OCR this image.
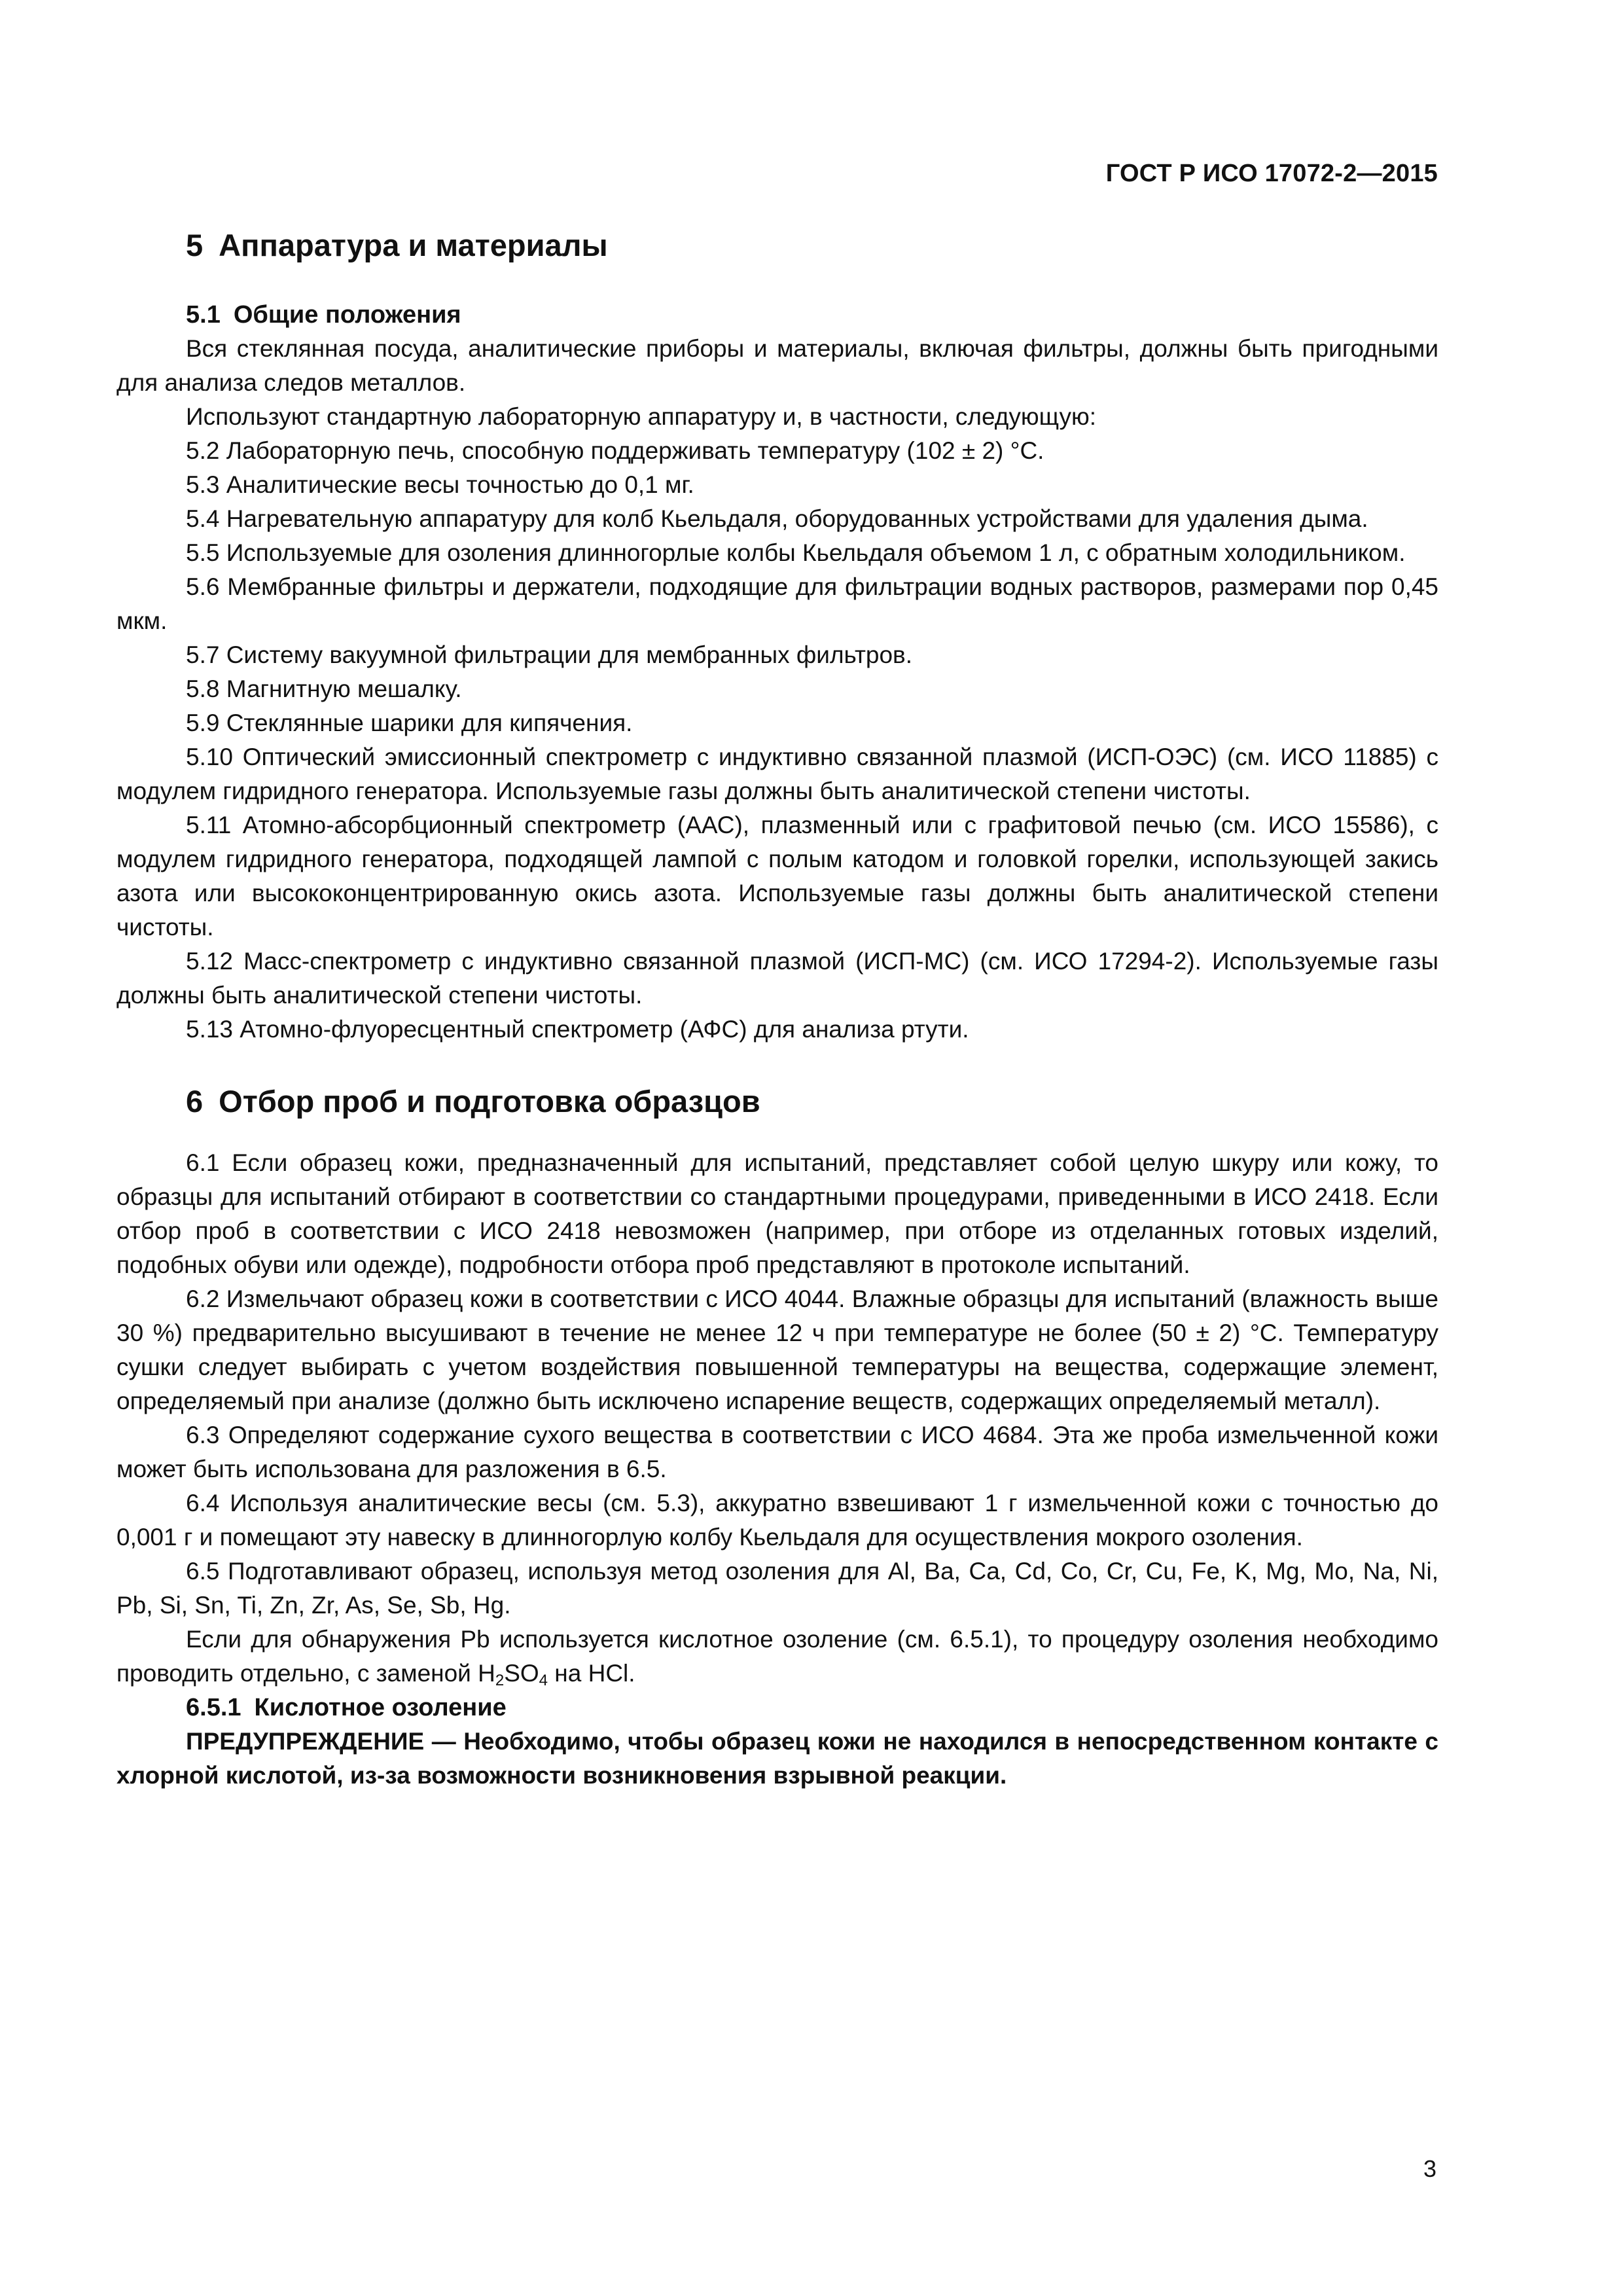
ГОСТ Р ИСО 17072-2—2015
5 Аппаратура и материалы
5.1 Общие положения

Вся стеклянная посуда, аналитические приборы и материалы, включая фильтры, должны быть пригодными для анализа следов металлов.

Используют стандартную лабораторную аппаратуру и, в частности, следующую:

5.2 Лабораторную печь, способную поддерживать температуру (102 ± 2) °С.

5.3 Аналитические весы точностью до 0,1 мг.

5.4 Нагревательную аппаратуру для колб Кьельдаля, оборудованных устройствами для удаления дыма.

5.5 Используемые для озоления длинногорлые колбы Кьельдаля объемом 1 л, с обратным холодильником.

5.6 Мембранные фильтры и держатели, подходящие для фильтрации водных растворов, размерами пор 0,45 мкм.

5.7 Систему вакуумной фильтрации для мембранных фильтров.

5.8 Магнитную мешалку.

5.9 Стеклянные шарики для кипячения.

5.10 Оптический эмиссионный спектрометр с индуктивно связанной плазмой (ИСП-ОЭС) (см. ИСО 11885) с модулем гидридного генератора. Используемые газы должны быть аналитической степени чистоты.

5.11 Атомно-абсорбционный спектрометр (ААС), плазменный или с графитовой печью (см. ИСО 15586), с модулем гидридного генератора, подходящей лампой с полым катодом и головкой горелки, использующей закись азота или высококонцентрированную окись азота. Используемые газы должны быть аналитической степени чистоты.

5.12 Масс-спектрометр с индуктивно связанной плазмой (ИСП-МС) (см. ИСО 17294-2). Используемые газы должны быть аналитической степени чистоты.

5.13 Атомно-флуоресцентный спектрометр (АФС) для анализа ртути.

6 Отбор проб и подготовка образцов

6.1 Если образец кожи, предназначенный для испытаний, представляет собой целую шкуру или кожу, то образцы для испытаний отбирают в соответствии со стандартными процедурами, приведенными в ИСО 2418. Если отбор проб в соответствии с ИСО 2418 невозможен (например, при отборе из отделанных готовых изделий, подобных обуви или одежде), подробности отбора проб представляют в протоколе испытаний.

6.2 Измельчают образец кожи в соответствии с ИСО 4044. Влажные образцы для испытаний (влажность выше 30 %) предварительно высушивают в течение не менее 12 ч при температуре не более (50 ± 2) °С. Температуру сушки следует выбирать с учетом воздействия повышенной температуры на вещества, содержащие элемент, определяемый при анализе (должно быть исключено испарение веществ, содержащих определяемый металл).

6.3 Определяют содержание сухого вещества в соответствии с ИСО 4684. Эта же проба измельченной кожи может быть использована для разложения в 6.5.

6.4 Используя аналитические весы (см. 5.3), аккуратно взвешивают 1 г измельченной кожи с точностью до 0,001 г и помещают эту навеску в длинногорлую колбу Кьельдаля для осуществления мокрого озоления.

6.5 Подготавливают образец, используя метод озоления для Al, Ba, Ca, Cd, Co, Cr, Cu, Fe, K, Mg, Mo, Na, Ni, Pb, Si, Sn, Ti, Zn, Zr, As, Se, Sb, Hg.

Если для обнаружения Pb используется кислотное озоление (см. 6.5.1), то процедуру озоления необходимо проводить отдельно, с заменой $H_2SO_4$ на HCl.

6.5.1 Кислотное озоление

ПРЕДУПРЕЖДЕНИЕ — Необходимо, чтобы образец кожи не находился в непосредственном контакте с хлорной кислотой, из-за возможности возникновения взрывной реакции.

3
